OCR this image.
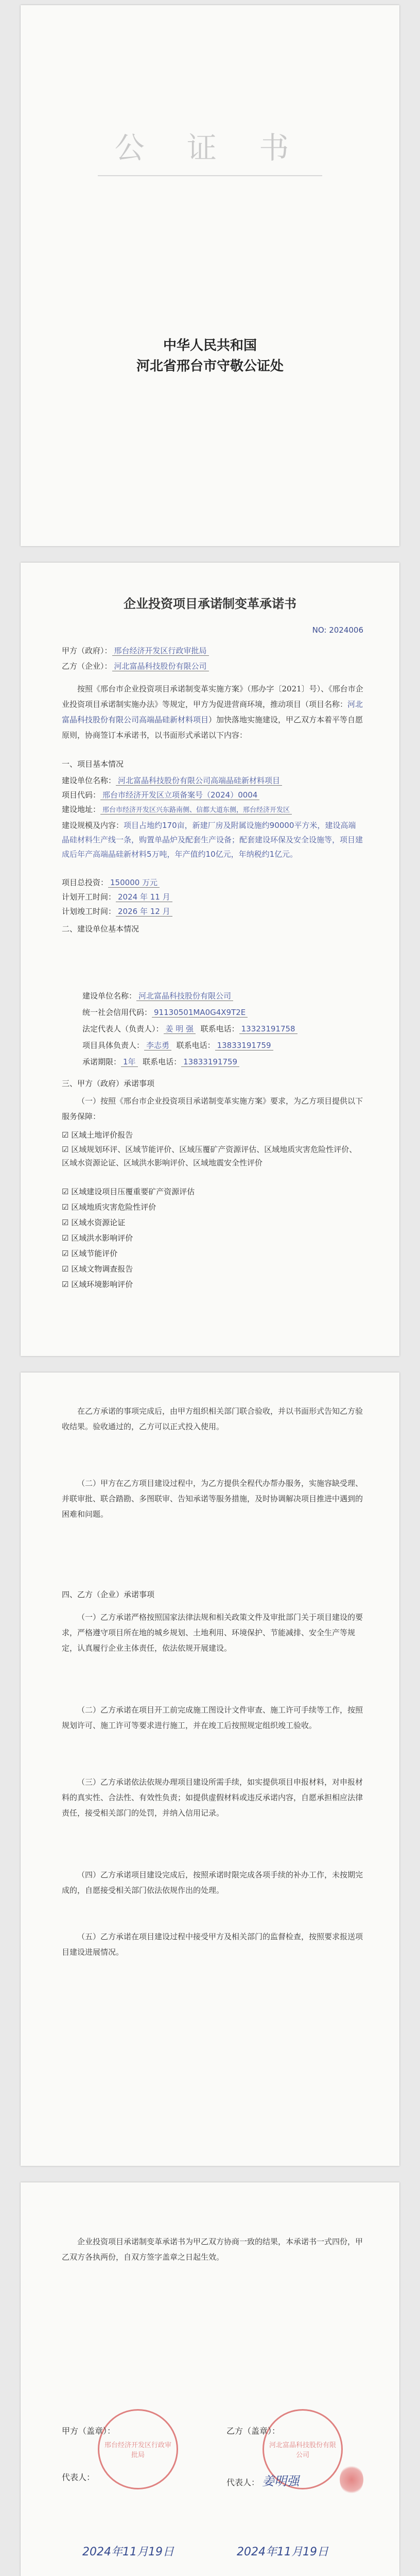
公 证 书
中华人民共和国
河北省邢台市守敬公证处
企业投资项目承诺制变革承诺书
NO: 2024006
甲方（政府）： 邢台经济开发区行政审批局
乙方（企业）： 河北富晶科技股份有限公司
按照《邢台市企业投资项目承诺制变革实施方案》（邢办字〔2021〕号）、《邢台市企业投资项目承诺制实施办法》等规定，甲方为促进营商环境，推动项目（项目名称：河北富晶科技股份有限公司高端晶硅新材料项目）加快落地实施建设，甲乙双方本着平等自愿原则，协商签订本承诺书，以书面形式承诺以下内容：
一、项目基本情况
建设单位名称： 河北富晶科技股份有限公司高端晶硅新材料项目
项目代码： 邢台市经济开发区立项备案号（2024）0004
建设地址： 邢台市经济开发区兴东路南侧、信都大道东侧，邢台经济开发区
建设规模及内容：项目占地约170亩，新建厂房及附属设施约90000平方米，建设高端晶硅材料生产线一条，购置单晶炉及配套生产设备；配套建设环保及安全设施等，项目建成后年产高端晶硅新材料5万吨，年产值约10亿元，年纳税约1亿元。
项目总投资： 150000 万元
计划开工时间： 2024 年 11 月
计划竣工时间： 2026 年 12 月
二、建设单位基本情况
建设单位名称： 河北富晶科技股份有限公司
统一社会信用代码： 91130501MA0G4X9T2E
法定代表人（负责人）： 姜 明 强 联系电话： 13323191758
项目具体负责人： 李志勇 联系电话： 13833191759
承诺期限： 1年 联系电话： 13833191759
三、甲方（政府）承诺事项
（一）按照《邢台市企业投资项目承诺制变革实施方案》要求，为乙方项目提供以下服务保障：
☑ 区域土地评价报告
☑ 区域规划环评、区域节能评价、区域压覆矿产资源评估、区域地质灾害危险性评价、区域水资源论证、区域洪水影响评价、区域地震安全性评价
☑ 区域建设项目压覆重要矿产资源评估
☑ 区域地质灾害危险性评价
☑ 区域水资源论证
☑ 区域洪水影响评价
☑ 区域节能评价
☑ 区域文物调查报告
☑ 区域环境影响评价
在乙方承诺的事项完成后，由甲方组织相关部门联合验收，并以书面形式告知乙方验收结果。验收通过的，乙方可以正式投入使用。
（二）甲方在乙方项目建设过程中，为乙方提供全程代办帮办服务，实施容缺受理、并联审批、联合踏勘、多图联审、告知承诺等服务措施，及时协调解决项目推进中遇到的困难和问题。
四、乙方（企业）承诺事项
（一）乙方承诺严格按照国家法律法规和相关政策文件及审批部门关于项目建设的要求，严格遵守项目所在地的城乡规划、土地利用、环境保护、节能减排、安全生产等规定，认真履行企业主体责任，依法依规开展建设。
（二）乙方承诺在项目开工前完成施工图设计文件审查、施工许可手续等工作，按照规划许可、施工许可等要求进行施工，并在竣工后按照规定组织竣工验收。
（三）乙方承诺依法依规办理项目建设所需手续，如实提供项目申报材料，对申报材料的真实性、合法性、有效性负责；如提供虚假材料或违反承诺内容，自愿承担相应法律责任，接受相关部门的处罚，并纳入信用记录。
（四）乙方承诺项目建设完成后，按照承诺时限完成各项手续的补办工作，未按期完成的，自愿接受相关部门依法依规作出的处理。
（五）乙方承诺在项目建设过程中接受甲方及相关部门的监督检查，按照要求报送项目建设进展情况。
企业投资项目承诺制变革承诺书为甲乙双方协商一致的结果，本承诺书一式四份，甲乙双方各执两份，自双方签字盖章之日起生效。
邢台经济开发区行政审批局
河北富晶科技股份有限公司
甲方（盖章）：	乙方（盖章）：
代表人：
代表人： 姜明强
2024年11月19日	2024年11月19日
